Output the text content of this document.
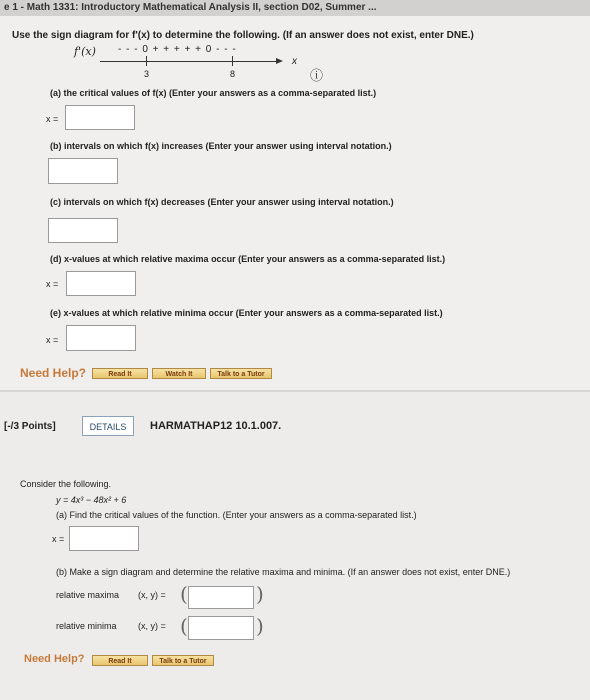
e 1 - Math 1331: Introductory Mathematical Analysis II, section D02, Summer ...
Use the sign diagram for f'(x) to determine the following. (If an answer does not exist, enter DNE.)
f'(x) - - - 0 + + + + + 0 - - -
x
3	8	ⓘ
(a) the critical values of f(x) (Enter your answers as a comma-separated list.)
x =
(b) intervals on which f(x) increases (Enter your answer using interval notation.)
(c) intervals on which f(x) decreases (Enter your answer using interval notation.)
(d) x-values at which relative maxima occur (Enter your answers as a comma-separated list.)
x =
(e) x-values at which relative minima occur (Enter your answers as a comma-separated list.)
x =
Need Help?	Read It	Watch It	Talk to a Tutor
[-/3 Points]	DETAILS	HARMATHAP12 10.1.007.
Consider the following.
y = 4x³ − 48x² + 6
(a) Find the critical values of the function. (Enter your answers as a comma-separated list.)
x =
(b) Make a sign diagram and determine the relative maxima and minima. (If an answer does not exist, enter DNE.)
relative maxima (x, y) = (	)
relative minima (x, y) = (	)
Need Help?	Read It	Talk to a Tutor
